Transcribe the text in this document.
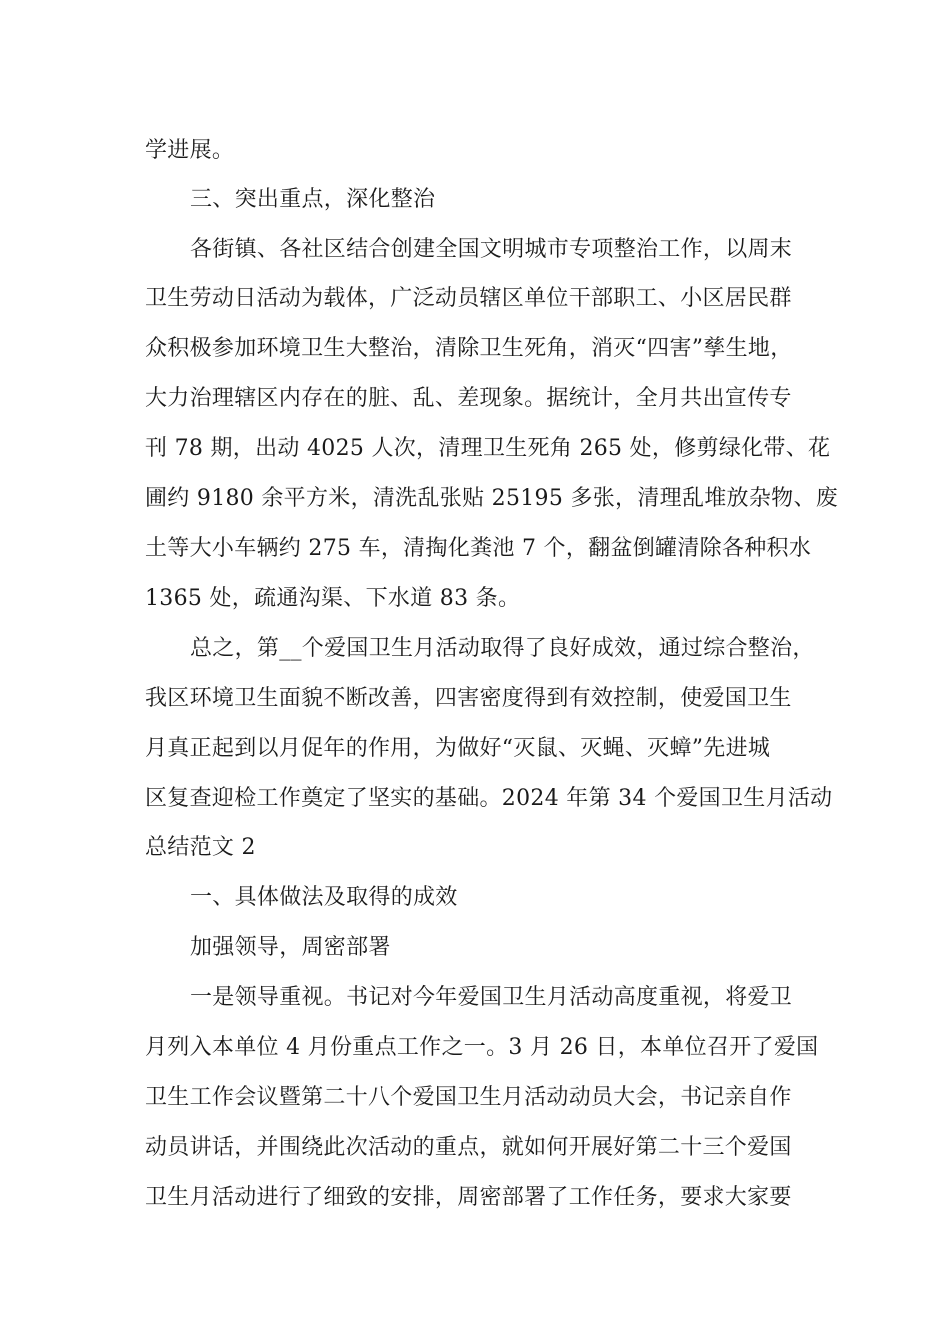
学进展。
三、突出重点，深化整治
各街镇、各社区结合创建全国文明城市专项整治工作，以周末
卫生劳动日活动为载体，广泛动员辖区单位干部职工、小区居民群
众积极参加环境卫生大整治，清除卫生死角，消灭“四害”孳生地，
大力治理辖区内存在的脏、乱、差现象。据统计，全月共出宣传专
刊 78 期，出动 4025 人次，清理卫生死角 265 处，修剪绿化带、花
圃约 9180 余平方米，清洗乱张贴 25195 多张，清理乱堆放杂物、废
土等大小车辆约 275 车，清掏化粪池 7 个，翻盆倒罐清除各种积水
1365 处，疏通沟渠、下水道 83 条。
总之，第__个爱国卫生月活动取得了良好成效，通过综合整治，
我区环境卫生面貌不断改善，四害密度得到有效控制，使爱国卫生
月真正起到以月促年的作用，为做好“灭鼠、灭蝇、灭蟑”先进城
区复查迎检工作奠定了坚实的基础。2024 年第 34 个爱国卫生月活动
总结范文 2
一、具体做法及取得的成效
加强领导，周密部署
一是领导重视。书记对今年爱国卫生月活动高度重视，将爱卫
月列入本单位 4 月份重点工作之一。3 月 26 日，本单位召开了爱国
卫生工作会议暨第二十八个爱国卫生月活动动员大会，书记亲自作
动员讲话，并围绕此次活动的重点，就如何开展好第二十三个爱国
卫生月活动进行了细致的安排，周密部署了工作任务，要求大家要
